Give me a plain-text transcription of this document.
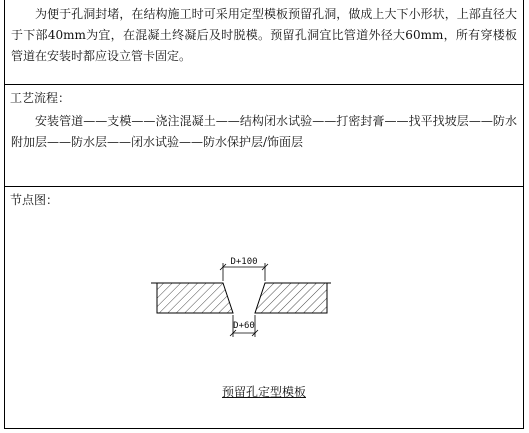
为便于孔洞封堵，在结构施工时可采用定型模板预留孔洞，做成上大下小形状，上部直径大于下部40mm为宜，在混凝土终凝后及时脱模。预留孔洞宜比管道外径大60mm，所有穿楼板管道在安装时都应设立管卡固定。

工艺流程：

安装管道——支模——浇注混凝土——结构闭水试验——打密封膏——找平找坡层——防水附加层——防水层——闭水试验——防水保护层/饰面层

节点图：

D+100
D+60
预留孔定型模板
